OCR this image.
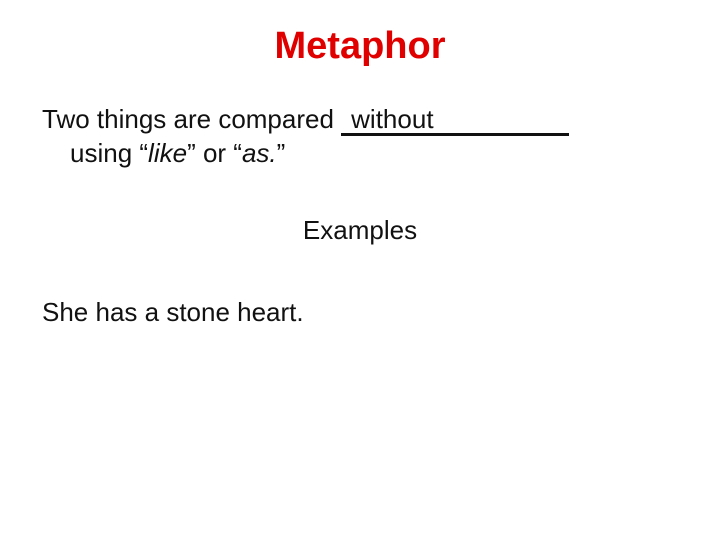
Metaphor
Two things are compared without
using “like” or “as.”
Examples
She has a stone heart.
